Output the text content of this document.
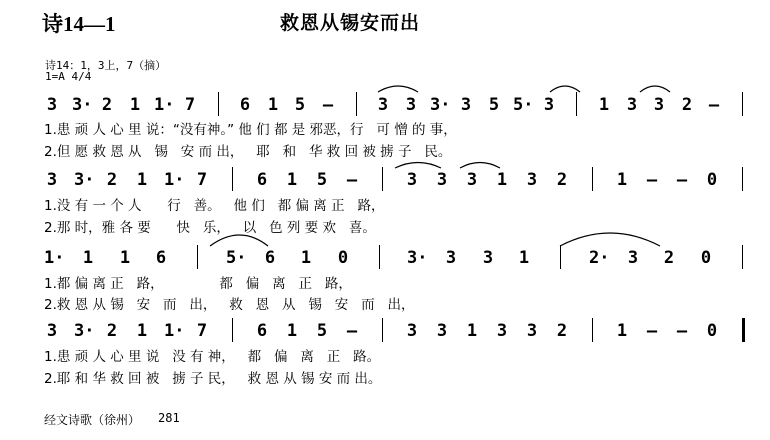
诗14—1	救恩从锡安而出
诗14：1，3上，7（摘）
1=A 4/4
3 3· 2 1 1· 7	6 1 5 –	3 3 3· 3 5 5· 3	1 3 3 2 –
1.患 顽 人 心 里 说：“没有神。” 他 们 都 是 邪恶，行   可 憎 的 事，
2.但 愿 救 恩 从   锡   安 而 出，   耶   和   华 救 回 被 掳 子   民。
3 3· 2 1 1· 7	6 1 5 –	3 3 3 1 3 2	1 – – 0
1.没 有 一 个 人      行   善。   他 们   都 偏 离 正   路，
2.那 时，雅 各 要      快   乐，   以   色 列 要 欢   喜。
1· 1 1 6	5· 6 1 0	3· 3 3 1	2· 3 2 0
1.都 偏 离 正   路，             都   偏   离   正   路，
2.救 恩 从 锡   安   而   出，   救   恩   从   锡   安   而   出，
3 3· 2 1 1· 7	6 1 5 –	3 3 1 3 3 2	1 – – 0
1.患 顽 人 心 里 说   没 有 神，   都   偏   离   正   路。
2.耶 和 华 救 回 被   掳 子 民，   救 恩 从 锡 安 而 出。
经文诗歌（徐州） 281
